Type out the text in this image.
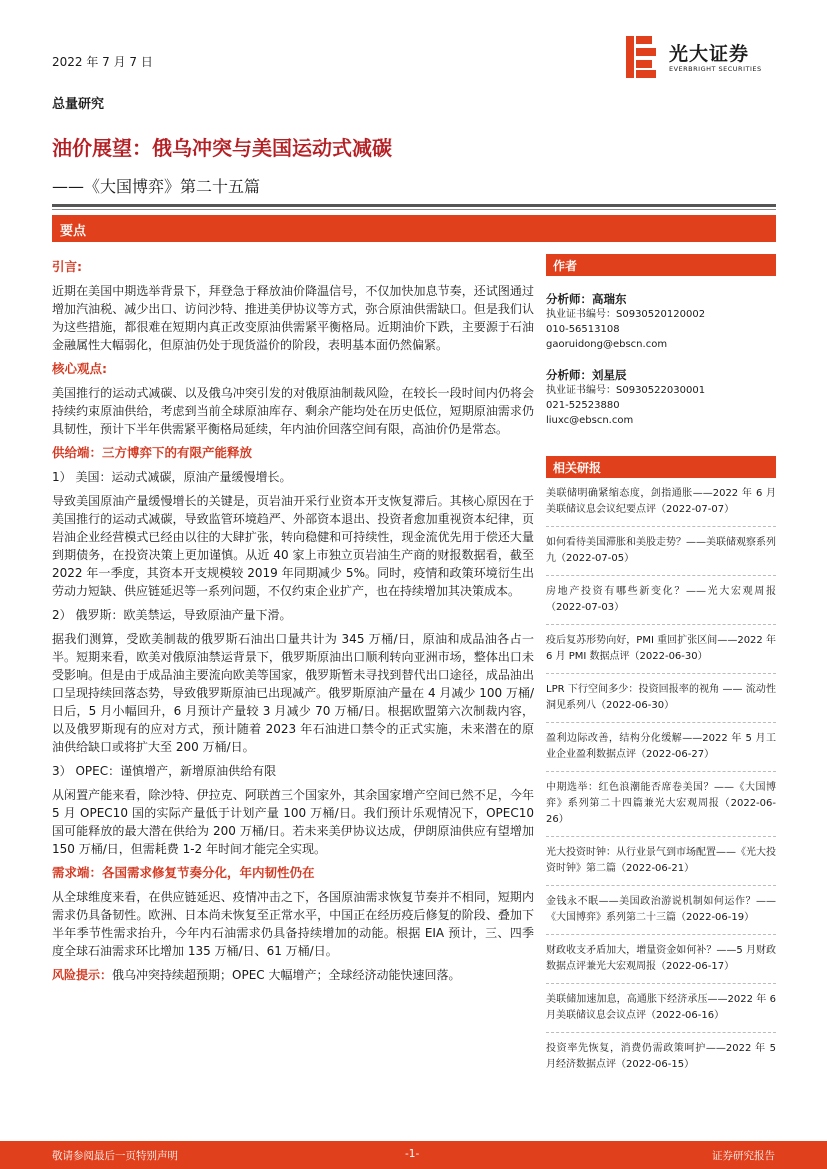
2022 年 7 月 7 日	光大证券
EVERBRIGHT SECURITIES
总量研究
油价展望：俄乌冲突与美国运动式减碳
——《大国博弈》第二十五篇
要点
引言:

近期在美国中期选举背景下，拜登急于释放油价降温信号，不仅加快加息节奏，还试图通过增加汽油税、减少出口、访问沙特、推进美伊协议等方式，弥合原油供需缺口。但是我们认为这些措施，都很难在短期内真正改变原油供需紧平衡格局。近期油价下跌，主要源于石油金融属性大幅弱化，但原油仍处于现货溢价的阶段，表明基本面仍然偏紧。

核心观点:

美国推行的运动式减碳、以及俄乌冲突引发的对俄原油制裁风险，在较长一段时间内仍将会持续约束原油供给，考虑到当前全球原油库存、剩余产能均处在历史低位，短期原油需求仍具韧性，预计下半年供需紧平衡格局延续，年内油价回落空间有限，高油价仍是常态。

供给端：三方博弈下的有限产能释放
1） 美国：运动式减碳，原油产量缓慢增长。

导致美国原油产量缓慢增长的关键是，页岩油开采行业资本开支恢复滞后。其核心原因在于美国推行的运动式减碳，导致监管环境趋严、外部资本退出、投资者愈加重视资本纪律，页岩油企业经营模式已经由以往的大肆扩张，转向稳健和可持续性，现金流优先用于偿还大量到期债务，在投资决策上更加谨慎。从近 40 家上市独立页岩油生产商的财报数据看，截至 2022 年一季度，其资本开支规模较 2019 年同期减少 5%。同时，疫情和政策环境衍生出劳动力短缺、供应链延迟等一系列问题，不仅约束企业扩产，也在持续增加其决策成本。

2） 俄罗斯：欧美禁运，导致原油产量下滑。

据我们测算，受欧美制裁的俄罗斯石油出口量共计为 345 万桶/日，原油和成品油各占一半。短期来看，欧美对俄原油禁运背景下，俄罗斯原油出口顺利转向亚洲市场，整体出口未受影响。但是由于成品油主要流向欧美等国家，俄罗斯暂未寻找到替代出口途径，成品油出口呈现持续回落态势，导致俄罗斯原油已出现减产。俄罗斯原油产量在 4 月减少 100 万桶/日后，5 月小幅回升，6 月预计产量较 3 月减少 70 万桶/日。根据欧盟第六次制裁内容，以及俄罗斯现有的应对方式，预计随着 2023 年石油进口禁令的正式实施，未来潜在的原油供给缺口或将扩大至 200 万桶/日。

3） OPEC：谨慎增产，新增原油供给有限

从闲置产能来看，除沙特、伊拉克、阿联酋三个国家外，其余国家增产空间已然不足，今年 5 月 OPEC10 国的实际产量低于计划产量 100 万桶/日。我们预计乐观情况下，OPEC10 国可能释放的最大潜在供给为 200 万桶/日。若未来美伊协议达成，伊朗原油供应有望增加 150 万桶/日，但需耗费 1-2 年时间才能完全实现。

需求端：各国需求修复节奏分化，年内韧性仍在

从全球维度来看，在供应链延迟、疫情冲击之下，各国原油需求恢复节奏并不相同，短期内需求仍具备韧性。欧洲、日本尚未恢复至正常水平，中国正在经历疫后修复的阶段、叠加下半年季节性需求抬升，今年内石油需求仍具备持续增加的动能。根据 EIA 预计，三、四季度全球石油需求环比增加 135 万桶/日、61 万桶/日。

风险提示：俄乌冲突持续超预期；OPEC 大幅增产；全球经济动能快速回落。
作者
分析师：高瑞东
执业证书编号：S0930520120002
010-56513108
gaoruidong@ebscn.com
分析师：刘星辰
执业证书编号：S0930522030001
021-52523880
liuxc@ebscn.com
相关研报
美联储明确紧缩态度，剑指通胀——2022 年 6 月美联储议息会议纪要点评（2022-07-07）
如何看待美国滞胀和美股走势？——美联储观察系列九（2022-07-05）
房地产投资有哪些新变化？——光大宏观周报（2022-07-03）
疫后复苏形势向好，PMI 重回扩张区间——2022 年 6 月 PMI 数据点评（2022-06-30）
LPR 下行空间多少：投资回报率的视角 —— 流动性 洞见系列八（2022-06-30）
盈利边际改善，结构分化缓解——2022 年 5 月工业企业盈利数据点评（2022-06-27）
中期选举：红色浪潮能否席卷美国？——《大国博弈》系列第二十四篇兼光大宏观周报（2022-06-26）
光大投资时钟：从行业景气到市场配置——《光大投资时钟》第二篇（2022-06-21）
金钱永不眠——美国政治游说机制如何运作？——《大国博弈》系列第二十三篇（2022-06-19）
财政收支矛盾加大，增量资金如何补？——5 月财政数据点评兼光大宏观周报（2022-06-17）
美联储加速加息，高通胀下经济承压——2022 年 6 月美联储议息会议点评（2022-06-16）
投资率先恢复，消费仍需政策呵护——2022 年 5 月经济数据点评（2022-06-15）
敬请参阅最后一页特别声明	-1-	证券研究报告
